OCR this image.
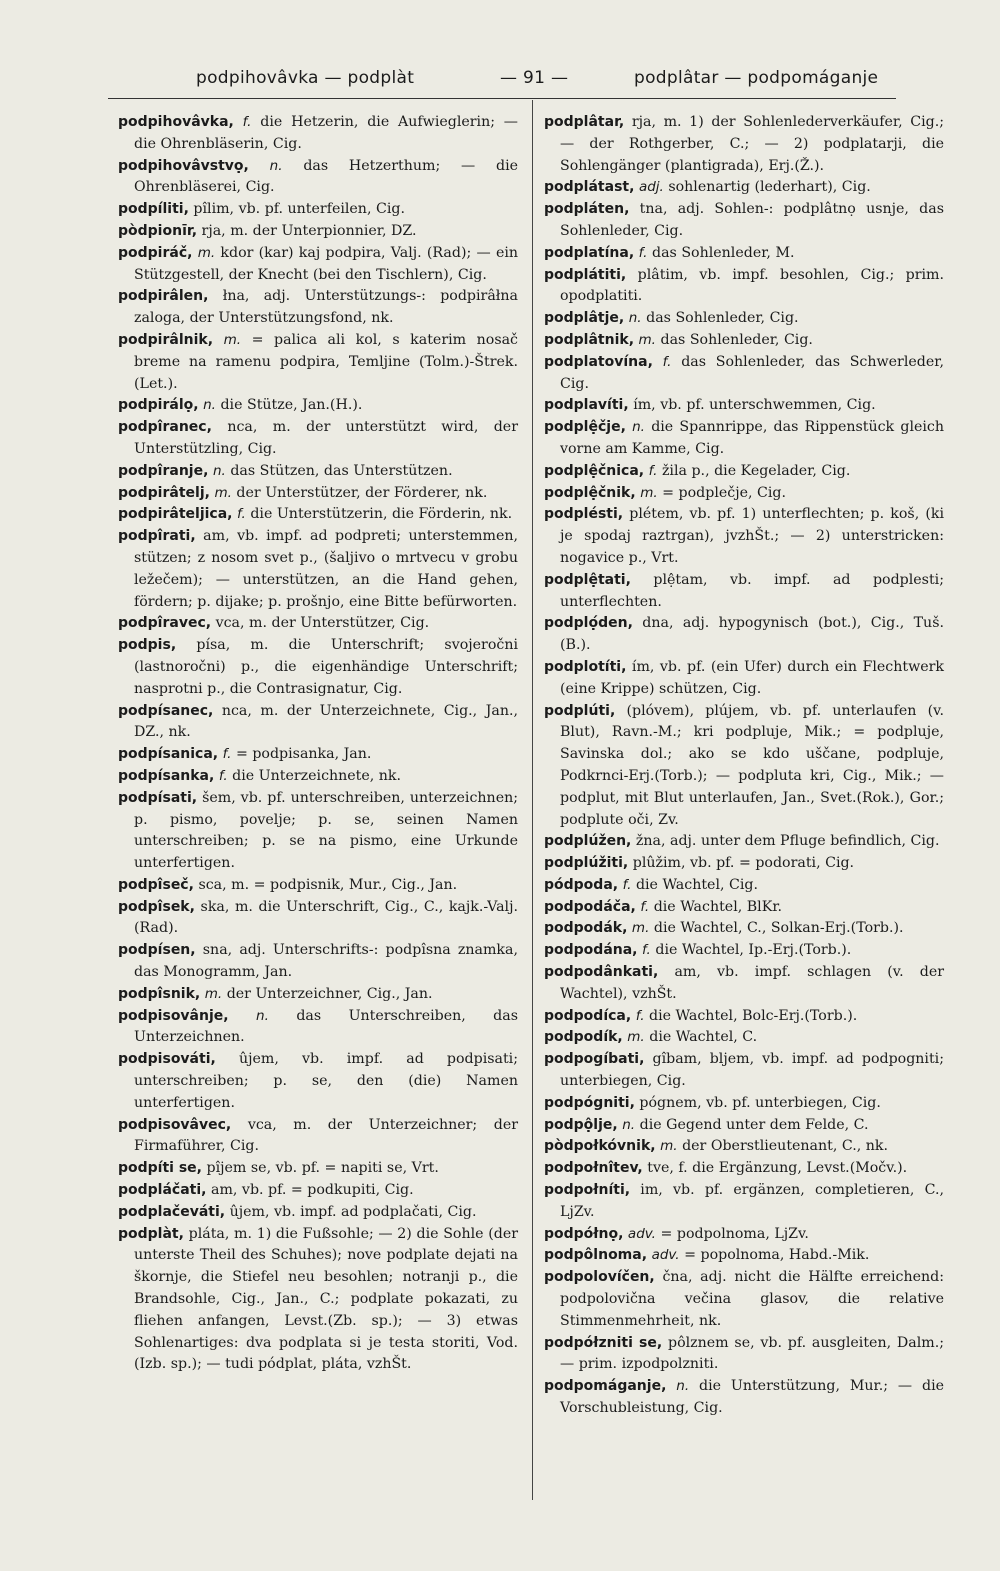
podpihovâvka — podplàt	— 91 —	podplâtar — podpomáganje

podpihovâvka, f. die Hetzerin, die Aufwieglerin; — die Ohrenbläserin, Cig.

podpihovâvstvọ, n. das Hetzerthum; — die Ohrenbläserei, Cig.

podpíliti, pîlim, vb. pf. unterfeilen, Cig.

pòdpionīr, rja, m. der Unterpionnier, DZ.

podpiráč, m. kdor (kar) kaj podpira, Valj. (Rad); — ein Stützgestell, der Knecht (bei den Tischlern), Cig.

podpirâlen, łna, adj. Unterstützungs-: podpirâłna zaloga, der Unterstützungsfond, nk.

podpirâlnik, m. = palica ali kol, s katerim nosač breme na ramenu podpira, Temljine (Tolm.)-Štrek.(Let.).

podpirálọ, n. die Stütze, Jan.(H.).

podpîranec, nca, m. der unterstützt wird, der Unterstützling, Cig.

podpîranje, n. das Stützen, das Unterstützen.

podpirâtelj, m. der Unterstützer, der Förderer, nk.

podpirâteljica, f. die Unterstützerin, die Förderin, nk.

podpîrati, am, vb. impf. ad podpreti; unterstemmen, stützen; z nosom svet p., (šaljivo o mrtvecu v grobu ležečem); — unterstützen, an die Hand gehen, fördern; p. dijake; p. prošnjo, eine Bitte befürworten.

podpîravec, vca, m. der Unterstützer, Cig.

podpis, písa, m. die Unterschrift; svojeročni (lastnoročni) p., die eigenhändige Unterschrift; nasprotni p., die Contrasignatur, Cig.

podpísanec, nca, m. der Unterzeichnete, Cig., Jan., DZ., nk.

podpísanica, f. = podpisanka, Jan.

podpísanka, f. die Unterzeichnete, nk.

podpísati, šem, vb. pf. unterschreiben, unterzeichnen; p. pismo, povelje; p. se, seinen Namen unterschreiben; p. se na pismo, eine Urkunde unterfertigen.

podpîseč, sca, m. = podpisnik, Mur., Cig., Jan.

podpîsek, ska, m. die Unterschrift, Cig., C., kajk.-Valj.(Rad).

podpísen, sna, adj. Unterschrifts-: podpîsna znamka, das Monogramm, Jan.

podpîsnik, m. der Unterzeichner, Cig., Jan.

podpisovânje, n. das Unterschreiben, das Unterzeichnen.

podpisováti, ûjem, vb. impf. ad podpisati; unterschreiben; p. se, den (die) Namen unterfertigen.

podpisovâvec, vca, m. der Unterzeichner; der Firmaführer, Cig.

podpíti se, pîjem se, vb. pf. = napiti se, Vrt.

podpláčati, am, vb. pf. = podkupiti, Cig.

podplačeváti, ûjem, vb. impf. ad podplačati, Cig.

podplàt, pláta, m. 1) die Fußsohle; — 2) die Sohle (der unterste Theil des Schuhes); nove podplate dejati na škornje, die Stiefel neu besohlen; notranji p., die Brandsohle, Cig., Jan., C.; podplate pokazati, zu fliehen anfangen, Levst.(Zb. sp.); — 3) etwas Sohlenartiges: dva podplata si je testa storiti, Vod. (Izb. sp.); — tudi pódplat, pláta, vzhŠt.

podplâtar, rja, m. 1) der Sohlenlederverkäufer, Cig.; — der Rothgerber, C.; — 2) podplatarji, die Sohlengänger (plantigrada), Erj.(Ž.).

podplátast, adj. sohlenartig (lederhart), Cig.

podpláten, tna, adj. Sohlen-: podplâtnọ usnje, das Sohlenleder, Cig.

podplatína, f. das Sohlenleder, M.

podplátiti, plâtim, vb. impf. besohlen, Cig.; prim. opodplatiti.

podplâtje, n. das Sohlenleder, Cig.

podplâtnik, m. das Sohlenleder, Cig.

podplatovína, f. das Sohlenleder, das Schwerleder, Cig.

podplavíti, ím, vb. pf. unterschwemmen, Cig.

podplệčje, n. die Spannrippe, das Rippenstück gleich vorne am Kamme, Cig.

podplệčnica, f. žila p., die Kegelader, Cig.

podplệčnik, m. = podplečje, Cig.

podplésti, plétem, vb. pf. 1) unterflechten; p. koš, (ki je spodaj raztrgan), jvzhŠt.; — 2) unterstricken: nogavice p., Vrt.

podplệtati, plệtam, vb. impf. ad podplesti; unterflechten.

podplọ́den, dna, adj. hypogynisch (bot.), Cig., Tuš.(B.).

podplotíti, ím, vb. pf. (ein Ufer) durch ein Flechtwerk (eine Krippe) schützen, Cig.

podplúti, (plóvem), plújem, vb. pf. unterlaufen (v. Blut), Ravn.-M.; kri podpluje, Mik.; = podpluje, Savinska dol.; ako se kdo uščane, podpluje, Podkrnci-Erj.(Torb.); — podpluta kri, Cig., Mik.; — podplut, mit Blut unterlaufen, Jan., Svet.(Rok.), Gor.; podplute oči, Zv.

podplúžen, žna, adj. unter dem Pfluge befindlich, Cig.

podplúžiti, plûžim, vb. pf. = podorati, Cig.

pódpoda, f. die Wachtel, Cig.

podpodáča, f. die Wachtel, BlKr.

podpodák, m. die Wachtel, C., Solkan-Erj.(Torb.).

podpodána, f. die Wachtel, Ip.-Erj.(Torb.).

podpodânkati, am, vb. impf. schlagen (v. der Wachtel), vzhŠt.

podpodíca, f. die Wachtel, Bolc-Erj.(Torb.).

podpodík, m. die Wachtel, C.

podpogíbati, gîbam, bljem, vb. impf. ad podpogniti; unterbiegen, Cig.

podpógniti, pógnem, vb. pf. unterbiegen, Cig.

podpộlje, n. die Gegend unter dem Felde, C.

pòdpołkóvnik, m. der Oberstlieutenant, C., nk.

podpołnîtev, tve, f. die Ergänzung, Levst.(Močv.).

podpołníti, im, vb. pf. ergänzen, completieren, C., LjZv.

podpółnọ, adv. = podpolnoma, LjZv.

podpôlnoma, adv. = popolnoma, Habd.-Mik.

podpolovíčen, čna, adj. nicht die Hälfte erreichend: podpolovična večina glasov, die relative Stimmenmehrheit, nk.

podpółzniti se, pôlznem se, vb. pf. ausgleiten, Dalm.; — prim. izpodpolzniti.

podpomáganje, n. die Unterstützung, Mur.; — die Vorschubleistung, Cig.
